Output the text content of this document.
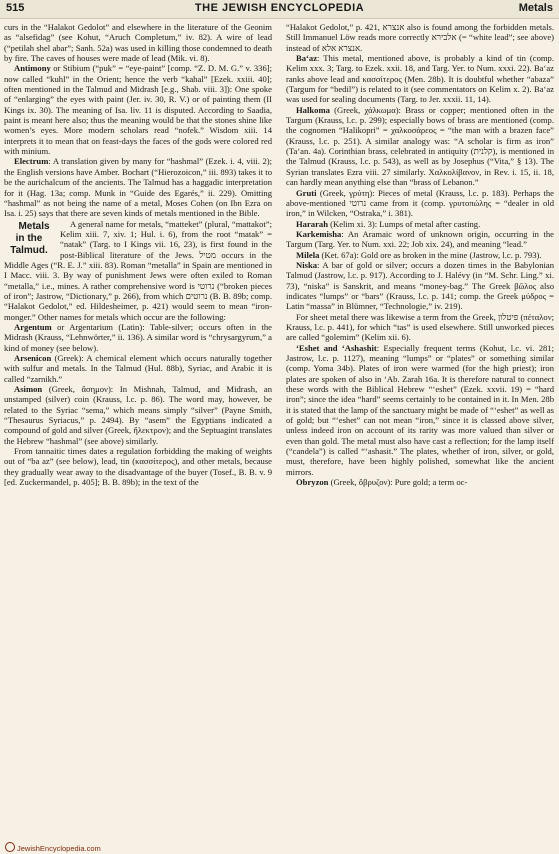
515	THE JEWISH ENCYCLOPEDIA	Metals

curs in the “Halakot Gedolot” and elsewhere in the literature of the Geonim as “alsefidag” (see Kohut, “Aruch Completum,” iv. 82). A wire of lead (“petilah shel abar”; Sanh. 52a) was used in killing those condemned to death by fire. The caves of houses were made of lead (Mik. vi. 8).

Antimony or Stibium (“puk” = “eye-paint” [comp. “Z. D. M. G.” v. 336]; now called “kuhl” in the Orient; hence the verb “kahal” [Ezek. xxiii. 40]; often mentioned in the Talmud and Midrash [e.g., Shab. viii. 3]): One spoke of “enlarging” the eyes with paint (Jer. iv. 30, R. V.) or of painting them (II Kings ix. 30). The meaning of Isa. liv. 11 is disputed. According to Saadia, paint is meant here also; thus the meaning would be that the stones shine like women’s eyes. More modern scholars read “nofek.” Wisdom xiii. 14 interprets it to mean that on feast-days the faces of the gods were colored red with minium.

Electrum: A translation given by many for “hashmal” (Ezek. i. 4, viii. 2); the English versions have Amber. Bochart (“Hierozoicon,” iii. 893) takes it to be the aurichalcum of the ancients. The Talmud has a haggadic interpretation for it (Hag. 13a; comp. Munk in “Guide des Egarés,” ii. 229). Omitting “hashmal” as not being the name of a metal, Moses Cohen (on Ibn Ezra on Isa. i. 25) says that there are seven kinds of metals mentioned in the Bible.

Metals in the Talmud.
A general name for metals, “matteket” (plural, “mattakot”; Kelim xiii. 7, xiv. 1; Hul. i. 6), from the root “matak” = “natak” (Targ. to I Kings vii. 16, 23), is first found in the post-Biblical literature of the Jews. מטיל occurs in the Middle Ages (“R. E. J.” xiii. 83). Roman “metalla” in Spain are mentioned in I Macc. viii. 3. By way of punishment Jews were often exiled to Roman “metalla,” i.e., mines. A rather comprehensive word is נרוטי (“broken pieces of iron”; Jastrow, “Dictionary,” p. 266), from which נרוטים (B. B. 89b; comp. “Halakot Gedolot,” ed. Hildesheimer, p. 421) would seem to mean “iron-monger.” Other names for metals which occur are the following:

Argentum or Argentarium (Latin): Table-silver; occurs often in the Midrash (Krauss, “Lehnwörter,” ii. 136). A similar word is “chrysargyrum,” a kind of money (see below).

Arsenicon (Greek): A chemical element which occurs naturally together with sulfur and metals. In the Talmud (Hul. 88b), Syriac, and Arabic it is called “zarnikh.”

Asimon (Greek, ἄσημον): In Mishnah, Talmud, and Midrash, an unstamped (silver) coin (Krauss, l.c. p. 86). The word may, however, be related to the Syriac “sema,” which means simply “silver” (Payne Smith, “Thesaurus Syriacus,” p. 2494). By “asem” the Egyptians indicated a compound of gold and silver (Greek, ἤλεκτρον); and the Septuagint translates the Hebrew “hashmal” (see above) similarly.

From tannaitic times dates a regulation forbidding the making of weights out of “ba az” (see below), lead, tin (κασσίτερος), and other metals, because they gradually wear away to the disadvantage of the buyer (Tosef., B. B. v. 9 [ed. Zuckermandel, p. 405]; B. B. 89b); in the text of the

“Halakot Gedolot,” p. 421, אנצרא also is found among the forbidden metals. Still Immanuel Löw reads more correctly אלבירא (= “white lead”; see above) instead of אנצרא אלא.

Ba‘az: This metal, mentioned above, is probably a kind of tin (comp. Kelim xxx. 3; Targ. to Ezek. xxii. 18, and Targ. Yer. to Num. xxxi. 22). Ba‘az ranks above lead and κασσίτερος (Men. 28b). It is doubtful whether “abaza” (Targum for “bedil”) is related to it (see commentators on Kelim x. 2). Ba‘az was used for sealing documents (Targ. to Jer. xxxii. 11, 14).

Halkoma (Greek, χάλκωμα): Brass or copper; mentioned often in the Targum (Krauss, l.c. p. 299); especially bows of brass are mentioned (comp. the cognomen “Halikopri” = χαλκοσάρεος = “the man with a brazen face” (Krauss, l.c. p. 251). A similar analogy was: “A scholar is firm as iron” (Ta‘an. 4a). Corinthian brass, celebrated in antiquity (קלנית), is mentioned in the Talmud (Krauss, l.c. p. 543), as well as by Josephus (“Vita,” § 13). The Syrian translates Ezra viii. 27 similarly. Χαλκολίβανον, in Rev. i. 15, ii. 18, can hardly mean anything else than “brass of Lebanon.”

Gruti (Greek, γρύτη): Pieces of metal (Krauss, l.c. p. 183). Perhaps the above-mentioned נרוטי came from it (comp. γρυτοπώλης = “dealer in old iron,” in Wilcken, “Ostraka,” i. 381).

Hararah (Kelim xi. 3): Lumps of metal after casting.

Karkemisha: An Aramaic word of unknown origin, occurring in the Targum (Targ. Yer. to Num. xxi. 22; Job xix. 24), and meaning “lead.”

Milela (Ket. 67a): Gold ore as broken in the mine (Jastrow, l.c. p. 793).

Niska: A bar of gold or silver; occurs a dozen times in the Babylonian Talmud (Jastrow, l.c. p. 917). According to J. Halévy (in “M. Schr. Ling.” xi. 73), “niska” is Sanskrit, and means “money-bag.” The Greek βῶλος also indicates “lumps” or “bars” (Krauss, l.c. p. 141; comp. the Greek μύδρος = Latin “massa” in Blümner, “Technologie,” iv. 219).

For sheet metal there was likewise a term from the Greek, פיטלון (πέταλον; Krauss, l.c. p. 441), for which “tas” is used elsewhere. Still unworked pieces are called “golemim” (Kelim xii. 6).

‘Eshet and ‘Ashashit: Especially frequent terms (Kohut, l.c. vi. 281; Jastrow, l.c. p. 1127), meaning “lumps” or “plates” or something similar (comp. Yoma 34b). Plates of iron were warmed (for the high priest); iron plates are spoken of also in ‘Ab. Zarah 16a. It is therefore natural to connect these words with the Biblical Hebrew “‘eshet” (Ezek. xxvii. 19) = “hard iron”; since the idea “hard” seems certainly to be contained in it. In Men. 28b it is stated that the lamp of the sanctuary might be made of “‘eshet” as well as of gold; but “‘eshet” can not mean “iron,” since it is classed above silver, unless indeed iron on account of its rarity was more valued than silver or even than gold. The metal must also have cast a reflection; for the lamp itself (“candela”) is called “‘ashasit.” The plates, whether of iron, silver, or gold, must, therefore, have been highly polished, somewhat like the ancient mirrors.

Obryzon (Greek, ὄβρυζον): Pure gold; a term oc-

JewishEncyclopedia.com
